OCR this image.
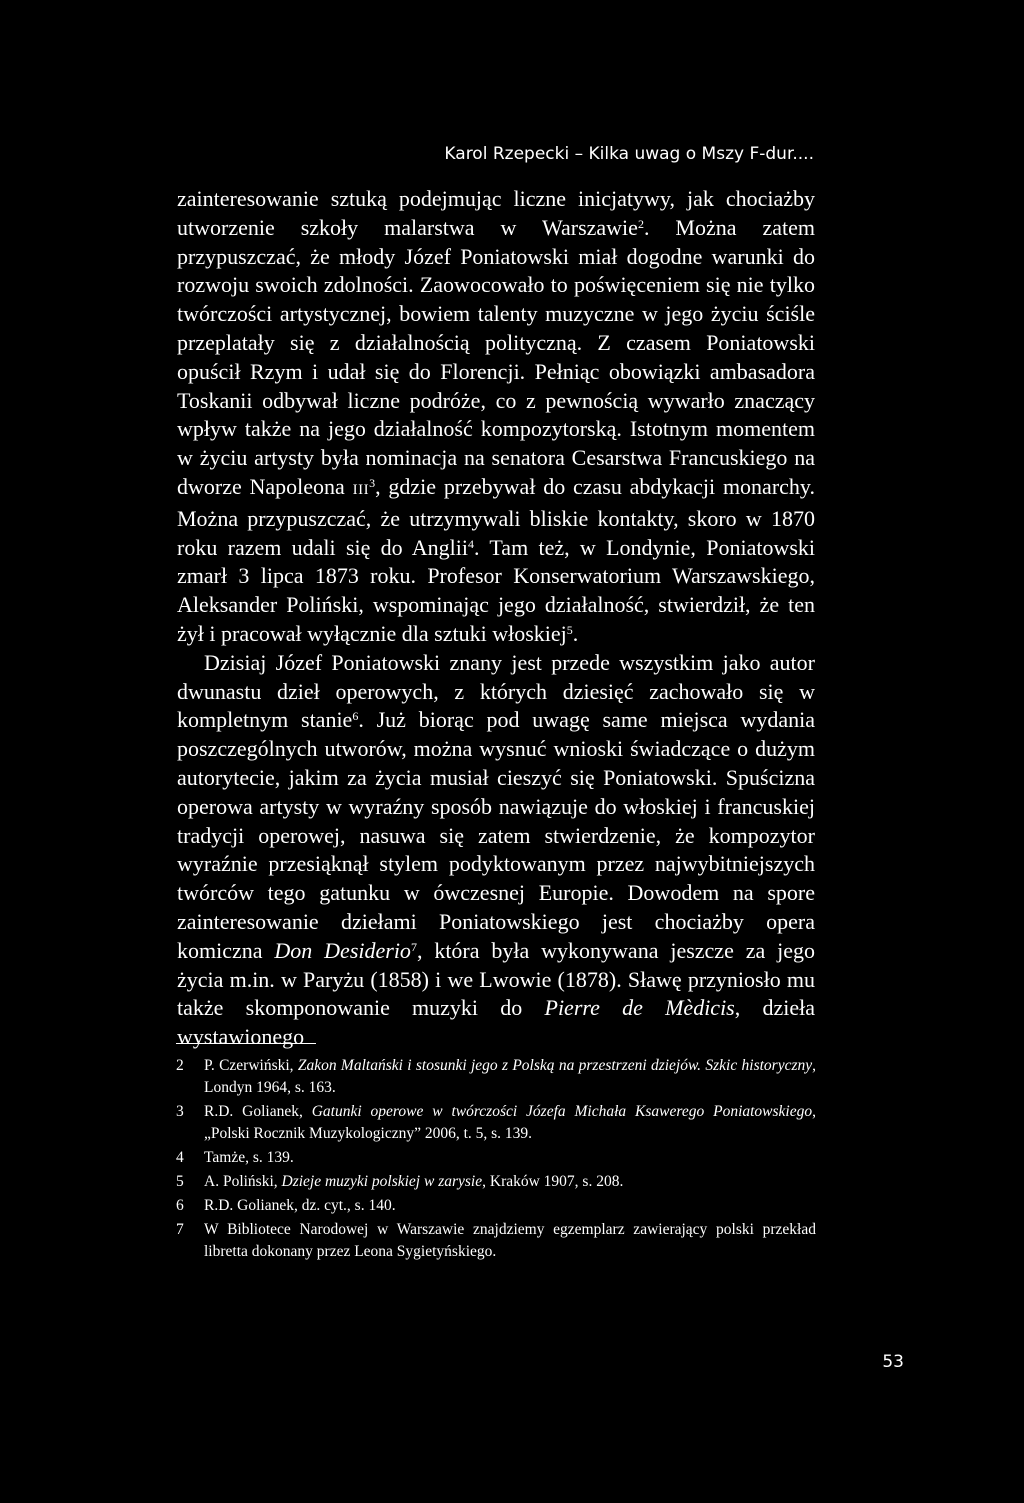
Karol Rzepecki – Kilka uwag o Mszy F-dur....

zainteresowanie sztuką podejmując liczne inicjatywy, jak chociażby utworzenie szkoły malarstwa w Warszawie$^2$. Można zatem przypuszczać, że młody Józef Poniatowski miał dogodne warunki do rozwoju swoich zdolności. Zaowocowało to poświęceniem się nie tylko twórczości artystycznej, bowiem talenty muzyczne w jego życiu ściśle przeplatały się z działalnością polityczną. Z czasem Poniatowski opuścił Rzym i udał się do Florencji. Pełniąc obowiązki ambasadora Toskanii odbywał liczne podróże, co z pewnością wywarło znaczący wpływ także na jego działalność kompozytorską. Istotnym momentem w życiu artysty była nominacja na senatora Cesarstwa Francuskiego na dworze Napoleona III$^3$, gdzie przebywał do czasu abdykacji monarchy. Można przypuszczać, że utrzymywali bliskie kontakty, skoro w 1870 roku razem udali się do Anglii$^4$. Tam też, w Londynie, Poniatowski zmarł 3 lipca 1873 roku. Profesor Konserwatorium Warszawskiego, Aleksander Poliński, wspominając jego działalność, stwierdził, że ten żył i pracował wyłącznie dla sztuki włoskiej$^5$.

Dzisiaj Józef Poniatowski znany jest przede wszystkim jako autor dwunastu dzieł operowych, z których dziesięć zachowało się w kompletnym stanie$^6$. Już biorąc pod uwagę same miejsca wydania poszczególnych utworów, można wysnuć wnioski świadczące o dużym autorytecie, jakim za życia musiał cieszyć się Poniatowski. Spuścizna operowa artysty w wyraźny sposób nawiązuje do włoskiej i francuskiej tradycji operowej, nasuwa się zatem stwierdzenie, że kompozytor wyraźnie przesiąknął stylem podyktowanym przez najwybitniejszych twórców tego gatunku w ówczesnej Europie. Dowodem na spore zainteresowanie dziełami Poniatowskiego jest chociażby opera komiczna Don Desiderio$^7$, która była wykonywana jeszcze za jego życia m.in. w Paryżu (1858) i we Lwowie (1878). Sławę przyniosło mu także skomponowanie muzyki do Pierre de Mèdicis, dzieła wystawionego

2	P. Czerwiński, Zakon Maltański i stosunki jego z Polską na przestrzeni dziejów. Szkic historyczny, Londyn 1964, s. 163.
3	R.D. Golianek, Gatunki operowe w twórczości Józefa Michała Ksawerego Poniatowskiego, „Polski Rocznik Muzykologiczny” 2006, t. 5, s. 139.
4	Tamże, s. 139.
5	A. Poliński, Dzieje muzyki polskiej w zarysie, Kraków 1907, s. 208.
6	R.D. Golianek, dz. cyt., s. 140.
7	W Bibliotece Narodowej w Warszawie znajdziemy egzemplarz zawierający polski przekład libretta dokonany przez Leona Sygietyńskiego.
53
